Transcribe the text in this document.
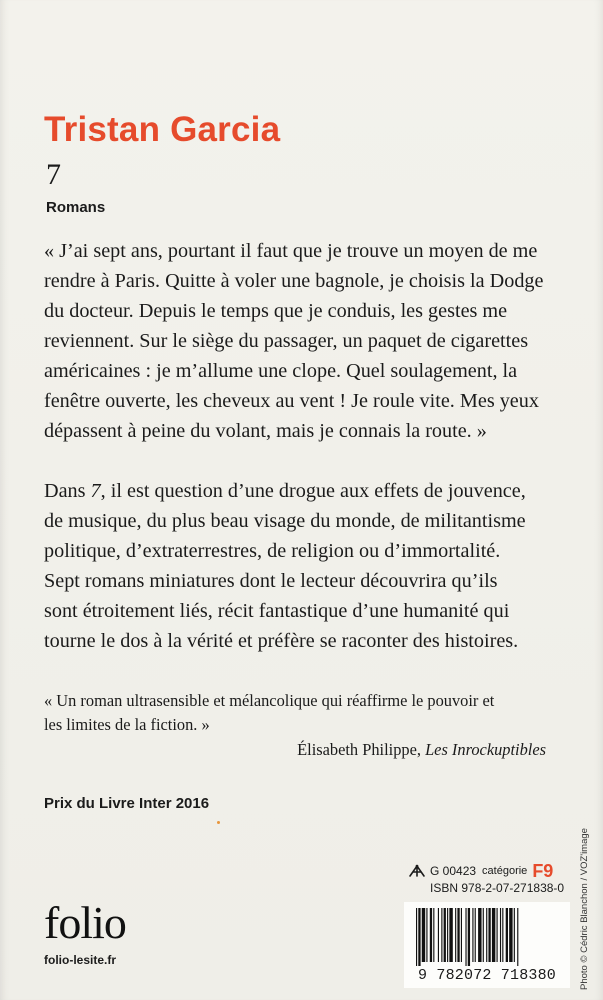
Tristan Garcia
7
Romans
« J’ai sept ans, pourtant il faut que je trouve un moyen de me
rendre à Paris. Quitte à voler une bagnole, je choisis la Dodge
du docteur. Depuis le temps que je conduis, les gestes me
reviennent. Sur le siège du passager, un paquet de cigarettes
américaines : je m’allume une clope. Quel soulagement, la
fenêtre ouverte, les cheveux au vent ! Je roule vite. Mes yeux
dépassent à peine du volant, mais je connais la route. »
Dans 7, il est question d’une drogue aux effets de jouvence,
de musique, du plus beau visage du monde, de militantisme
politique, d’extraterrestres, de religion ou d’immortalité.
Sept romans miniatures dont le lecteur découvrira qu’ils
sont étroitement liés, récit fantastique d’une humanité qui
tourne le dos à la vérité et préfère se raconter des histoires.
« Un roman ultrasensible et mélancolique qui réaffirme le pouvoir et
les limites de la fiction. »
Élisabeth Philippe, Les Inrockuptibles
Prix du Livre Inter 2016
folio
folio-lesite.fr
G 00423 catégorie F9
ISBN 978-2-07-271838-0
9 782072 718380	Photo © Cédric Blanchon / VOZ'image
